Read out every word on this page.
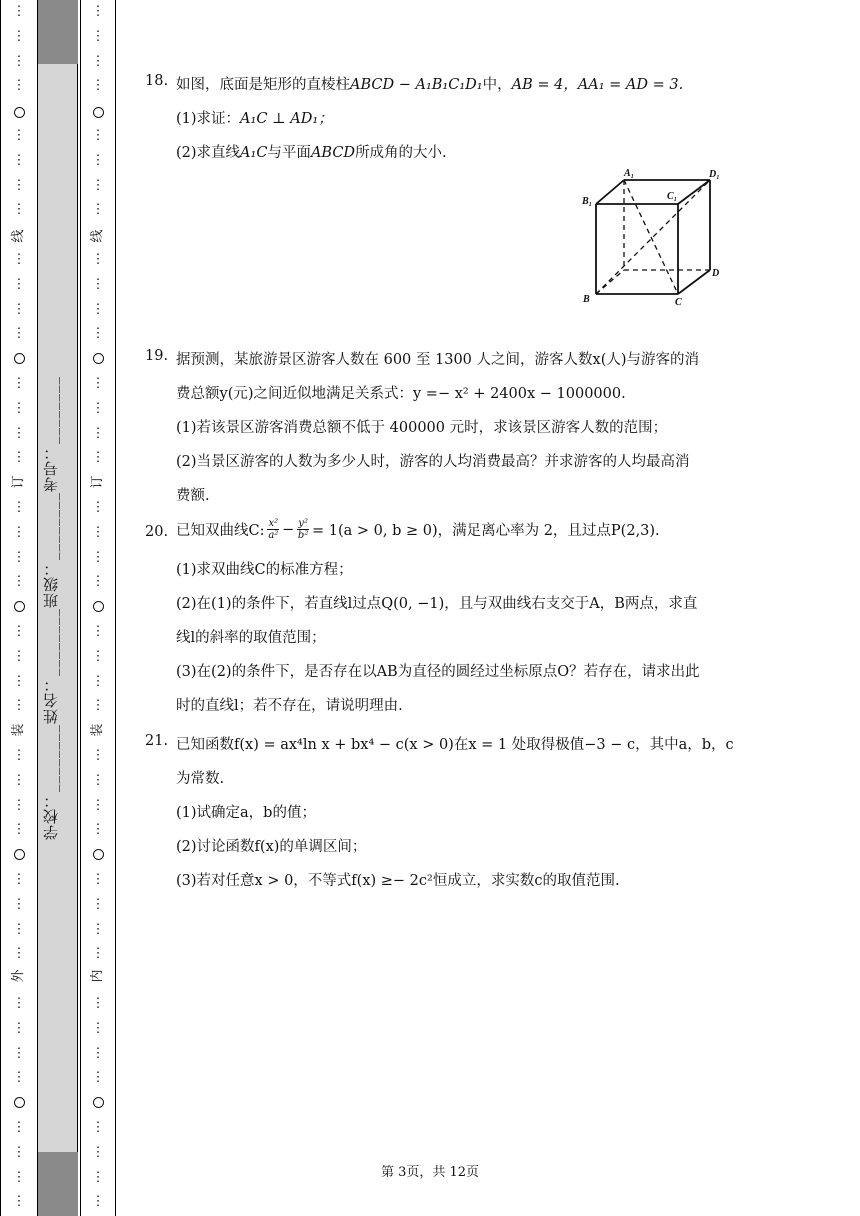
⋮
⋮
⋮
⋮
⋮
⋮
⋮
⋮
⋮
⋮
⋮
⋮
⋮
⋮
⋮
⋮
⋮
⋮
⋮
⋮
⋮
⋮
⋮
⋮
⋮
⋮
⋮
⋮
⋮
⋮
⋮
⋮
⋮
⋮
⋮
⋮
⋮
⋮
⋮
⋮
线
订
装
外
⋮
⋮
⋮
⋮
⋮
⋮
⋮
⋮
⋮
⋮
⋮
⋮
⋮
⋮
⋮
⋮
⋮
⋮
⋮
⋮
⋮
⋮
⋮
⋮
⋮
⋮
⋮
⋮
⋮
⋮
⋮
⋮
⋮
⋮
⋮
⋮
⋮
⋮
⋮
⋮
线
订
装
内
学校：________姓名：________班级：________考号：________
18. 如图，底面是矩形的直棱柱ABCD − A₁B₁C₁D₁中，AB = 4，AA₁ = AD = 3.
(1)求证：A₁C ⊥ AD₁；
(2)求直线A₁C与平面ABCD所成角的大小.
A₁
C₁
D₁
B₁
B	C
D
19. 据预测，某旅游景区游客人数在 600 至 1300 人之间，游客人数x(人)与游客的消
费总额y(元)之间近似地满足关系式：y =− x² + 2400x − 1000000.
(1)若该景区游客消费总额不低于 400000 元时，求该景区游客人数的范围；
(2)当景区游客的人数为多少人时，游客的人均消费最高？并求游客的人均最高消
费额.
20. 已知双曲线C: $\frac{\text{x²}}{\text{a²}} - \frac{\text{y²}}{\text{b²}} = 1(a > 0$, b ≥ 0)，满足离心率为 2，且过点P(2,3).
(1)求双曲线C的标准方程；
(2)在(1)的条件下，若直线l过点Q(0, −1)，且与双曲线右支交于A，B两点，求直
线l的斜率的取值范围；
(3)在(2)的条件下，是否存在以AB为直径的圆经过坐标原点O？若存在，请求出此
时的直线l；若不存在，请说明理由.
21. 已知函数f(x) = ax⁴ln x + bx⁴ − c(x > 0)在x = 1 处取得极值−3 − c，其中a，b，c
为常数.
(1)试确定a，b的值；
(2)讨论函数f(x)的单调区间；
(3)若对任意x > 0，不等式f(x) ≥− 2c²恒成立，求实数c的取值范围.
第 3页，共 12页
